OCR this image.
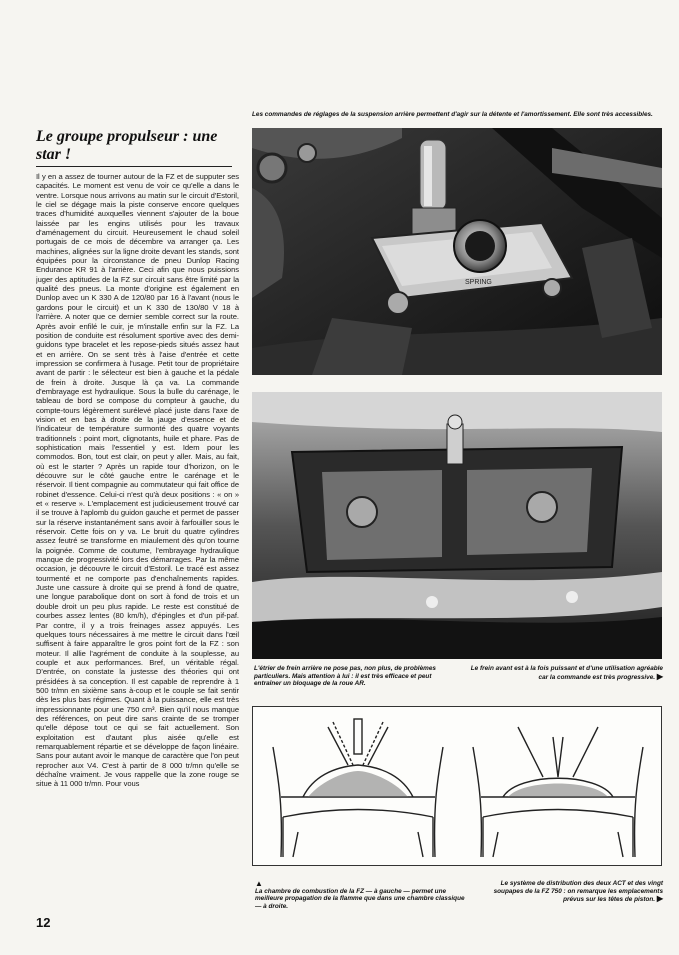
Les commandes de réglages de la suspension arrière permettent d'agir sur la détente et l'amortissement. Elle sont très accessibles.
SPRING
L'étrier de frein arrière ne pose pas, non plus, de problèmes particuliers. Mais attention à lui : il est très efficace et peut entraîner un bloquage de la roue AR.
Le frein avant est à la fois puissant et d'une utilisation agréable car la commande est très progressive. ▶
▲
La chambre de combustion de la FZ — à gauche — permet une meilleure propagation de la flamme que dans une chambre classique — à droite.
Le système de distribution des deux ACT et des vingt soupapes de la FZ 750 : on remarque les emplacements prévus sur les têtes de piston. ▶
Le groupe propulseur : une star !

Il y en a assez de tourner autour de la FZ et de supputer ses capacités. Le moment est venu de voir ce qu'elle a dans le ventre. Lorsque nous arrivons au matin sur le circuit d'Estoril, le ciel se dégage mais la piste conserve encore quelques traces d'humidité auxquelles viennent s'ajouter de la boue laissée par les engins utilisés pour les travaux d'aménagement du circuit. Heureusement le chaud soleil portugais de ce mois de décembre va arranger ça. Les machines, alignées sur la ligne droite devant les stands, sont équipées pour la circonstance de pneu Dunlop Racing Endurance KR 91 à l'arrière. Ceci afin que nous puissions juger des aptitudes de la FZ sur circuit sans être limité par la qualité des pneus. La monte d'origine est également en Dunlop avec un K 330 A de 120/80 par 16 à l'avant (nous le gardons pour le circuit) et un K 330 de 130/80 V 18 à l'arrière. A noter que ce dernier semble correct sur la route. Après avoir enfilé le cuir, je m'installe enfin sur la FZ. La position de conduite est résolument sportive avec des demi-guidons type bracelet et les repose-pieds situés assez haut et en arrière. On se sent très à l'aise d'entrée et cette impression se confirmera à l'usage. Petit tour de propriétaire avant de partir : le sélecteur est bien à gauche et la pédale de frein à droite. Jusque là ça va. La commande d'embrayage est hydraulique. Sous la bulle du carénage, le tableau de bord se compose du compteur à gauche, du compte-tours légèrement surélevé placé juste dans l'axe de vision et en bas à droite de la jauge d'essence et de l'indicateur de température surmonté des quatre voyants traditionnels : point mort, clignotants, huile et phare. Pas de sophistication mais l'essentiel y est. Idem pour les commodos. Bon, tout est clair, on peut y aller. Mais, au fait, où est le starter ? Après un rapide tour d'horizon, on le découvre sur le côté gauche entre le carénage et le réservoir. Il tient compagnie au commutateur qui fait office de robinet d'essence. Celui-ci n'est qu'à deux positions : « on » et « reserve ». L'emplacement est judicieusement trouvé car il se trouve à l'aplomb du guidon gauche et permet de passer sur la réserve instantanément sans avoir à farfouiller sous le réservoir. Cette fois on y va. Le bruit du quatre cylindres assez feutré se transforme en miaulement dès qu'on tourne la poignée. Comme de coutume, l'embrayage hydraulique manque de progressivité lors des démarrages. Par la même occasion, je découvre le circuit d'Estoril. Le tracé est assez tourmenté et ne comporte pas d'enchaînements rapides. Juste une cassure à droite qui se prend à fond de quatre, une longue parabolique dont on sort à fond de trois et un double droit un peu plus rapide. Le reste est constitué de courbes assez lentes (80 km/h), d'épingles et d'un pif-paf. Par contre, il y a trois freinages assez appuyés. Les quelques tours nécessaires à me mettre le circuit dans l'œil suffisent à faire apparaître le gros point fort de la FZ : son moteur. Il allie l'agrément de conduite à la souplesse, au couple et aux performances. Bref, un véritable régal. D'entrée, on constate la justesse des théories qui ont présidées à sa conception. Il est capable de reprendre à 1 500 tr/mn en sixième sans à-coup et le couple se fait sentir dès les plus bas régimes. Quant à la puissance, elle est très impressionnante pour une 750 cm³. Bien qu'il nous manque des références, on peut dire sans crainte de se tromper qu'elle dépose tout ce qui se fait actuellement. Son exploitation est d'autant plus aisée qu'elle est remarquablement répartie et se développe de façon linéaire. Sans pour autant avoir le manque de caractère que l'on peut reprocher aux V4. C'est à partir de 8 000 tr/mn qu'elle se déchaîne vraiment. Je vous rappelle que la zone rouge se situe à 11 000 tr/mn. Pour vous

12
